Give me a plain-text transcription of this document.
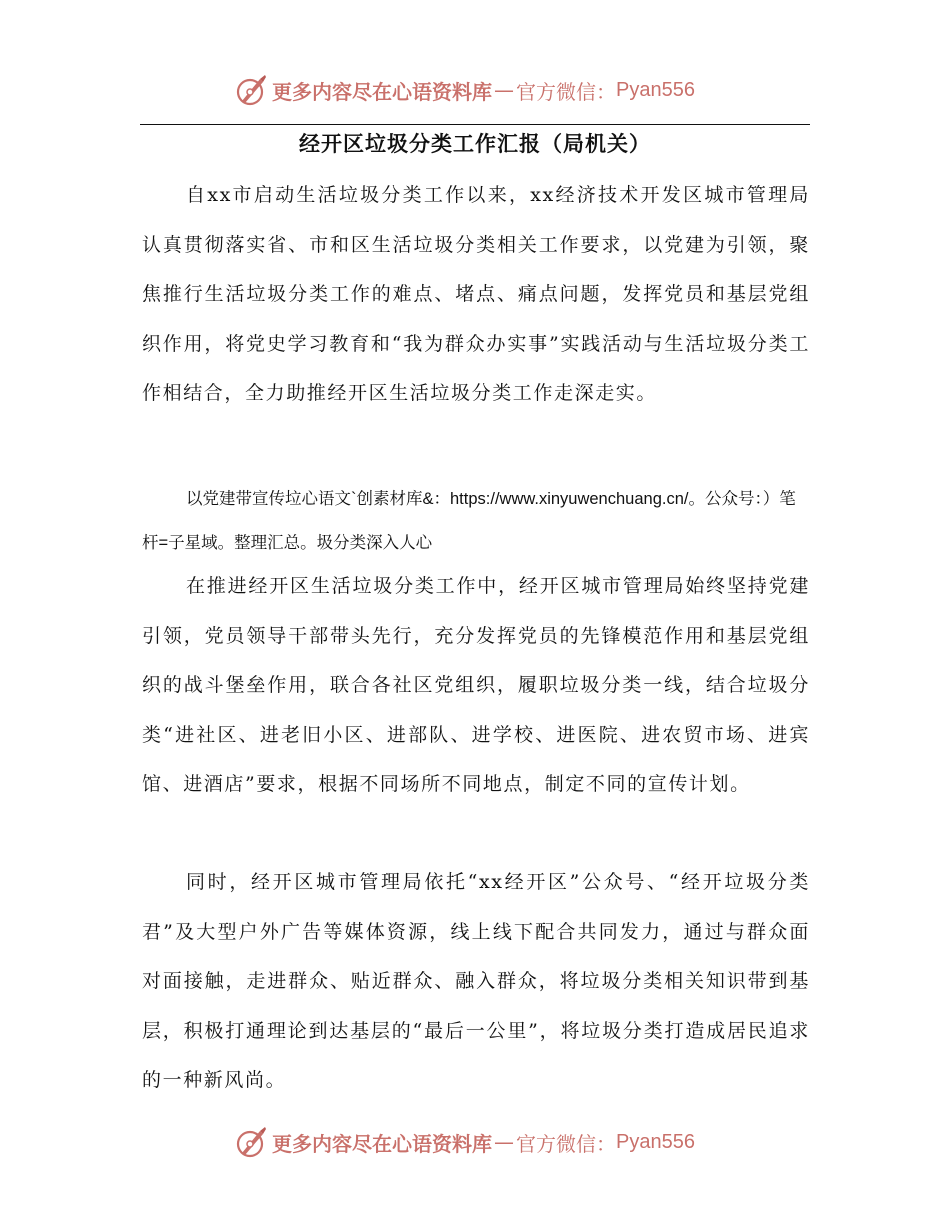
更多内容尽在心语资料库 — 官方微信： Pyan556
经开区垃圾分类工作汇报（局机关）

自xx市启动生活垃圾分类工作以来，xx经济技术开发区城市管理局认真贯彻落实省、市和区生活垃圾分类相关工作要求，以党建为引领，聚焦推行生活垃圾分类工作的难点、堵点、痛点问题，发挥党员和基层党组织作用，将党史学习教育和“我为群众办实事”实践活动与生活垃圾分类工作相结合，全力助推经开区生活垃圾分类工作走深走实。

以党建带宣传垃心语文`创素材库&：https://www.xinyuwenchuang.cn/。公众号：）笔杆=子星域。整理汇总。圾分类深入人心

在推进经开区生活垃圾分类工作中，经开区城市管理局始终坚持党建引领，党员领导干部带头先行，充分发挥党员的先锋模范作用和基层党组织的战斗堡垒作用，联合各社区党组织，履职垃圾分类一线，结合垃圾分类“进社区、进老旧小区、进部队、进学校、进医院、进农贸市场、进宾馆、进酒店”要求，根据不同场所不同地点，制定不同的宣传计划。

同时，经开区城市管理局依托“xx经开区”公众号、“经开垃圾分类君”及大型户外广告等媒体资源，线上线下配合共同发力，通过与群众面对面接触，走进群众、贴近群众、融入群众，将垃圾分类相关知识带到基层，积极打通理论到达基层的“最后一公里”，将垃圾分类打造成居民追求的一种新风尚。

更多内容尽在心语资料库 — 官方微信： Pyan556
